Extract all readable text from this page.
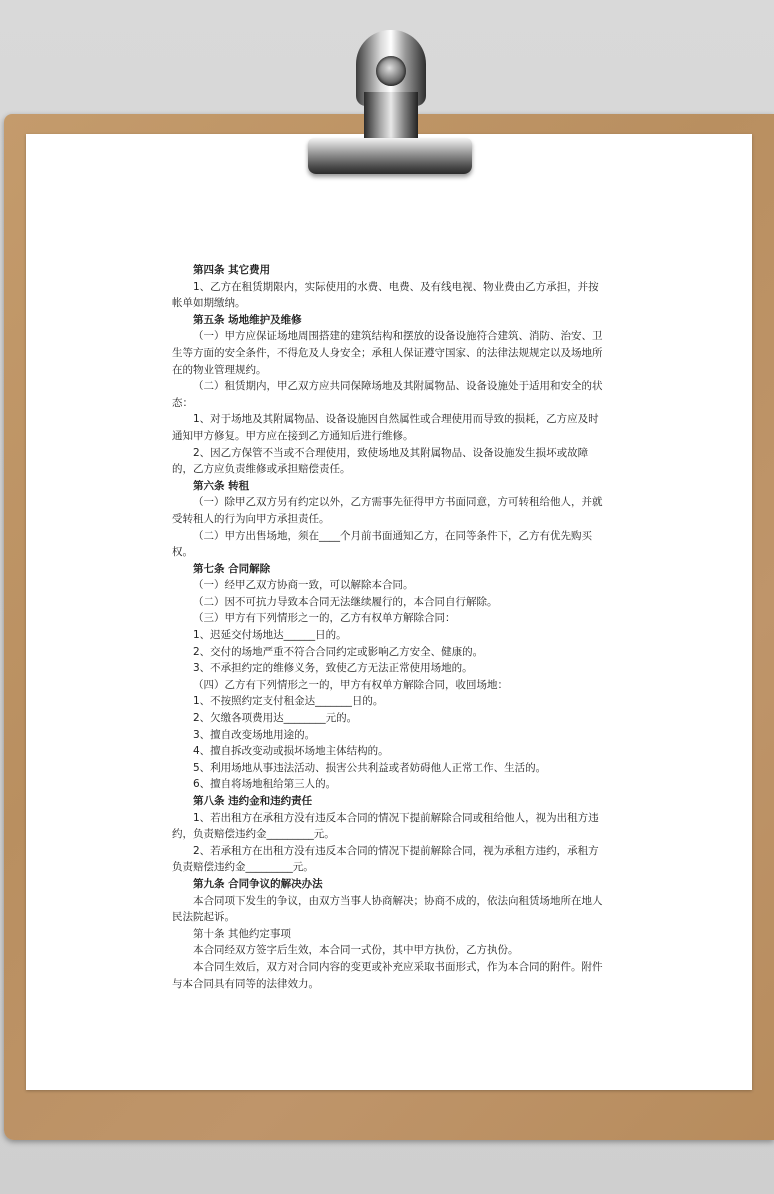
第四条 其它费用

1、乙方在租赁期限内，实际使用的水费、电费、及有线电视、物业费由乙方承担，并按帐单如期缴纳。

第五条 场地维护及维修

（一）甲方应保证场地周围搭建的建筑结构和摆放的设备设施符合建筑、消防、治安、卫生等方面的安全条件，不得危及人身安全；承租人保证遵守国家、的法律法规规定以及场地所在的物业管理规约。

（二）租赁期内，甲乙双方应共同保障场地及其附属物品、设备设施处于适用和安全的状态：

1、对于场地及其附属物品、设备设施因自然属性或合理使用而导致的损耗，乙方应及时通知甲方修复。甲方应在接到乙方通知后进行维修。

2、因乙方保管不当或不合理使用，致使场地及其附属物品、设备设施发生损坏或故障的，乙方应负责维修或承担赔偿责任。

第六条 转租

（一）除甲乙双方另有约定以外，乙方需事先征得甲方书面同意，方可转租给他人，并就受转租人的行为向甲方承担责任。

（二）甲方出售场地，须在____个月前书面通知乙方，在同等条件下，乙方有优先购买权。

第七条 合同解除

（一）经甲乙双方协商一致，可以解除本合同。

（二）因不可抗力导致本合同无法继续履行的，本合同自行解除。

（三）甲方有下列情形之一的，乙方有权单方解除合同：

1、迟延交付场地达______日的。

2、交付的场地严重不符合合同约定或影响乙方安全、健康的。

3、不承担约定的维修义务，致使乙方无法正常使用场地的。

（四）乙方有下列情形之一的，甲方有权单方解除合同，收回场地：

1、不按照约定支付租金达_______日的。

2、欠缴各项费用达________元的。

3、擅自改变场地用途的。

4、擅自拆改变动或损坏场地主体结构的。

5、利用场地从事违法活动、损害公共利益或者妨碍他人正常工作、生活的。

6、擅自将场地租给第三人的。

第八条 违约金和违约责任

1、若出租方在承租方没有违反本合同的情况下提前解除合同或租给他人，视为出租方违约，负责赔偿违约金_________元。

2、若承租方在出租方没有违反本合同的情况下提前解除合同，视为承租方违约，承租方负责赔偿违约金_________元。

第九条 合同争议的解决办法

本合同项下发生的争议，由双方当事人协商解决；协商不成的，依法向租赁场地所在地人民法院起诉。

第十条 其他约定事项

本合同经双方签字后生效，本合同一式份，其中甲方执份，乙方执份。

本合同生效后，双方对合同内容的变更或补充应采取书面形式，作为本合同的附件。附件与本合同具有同等的法律效力。
